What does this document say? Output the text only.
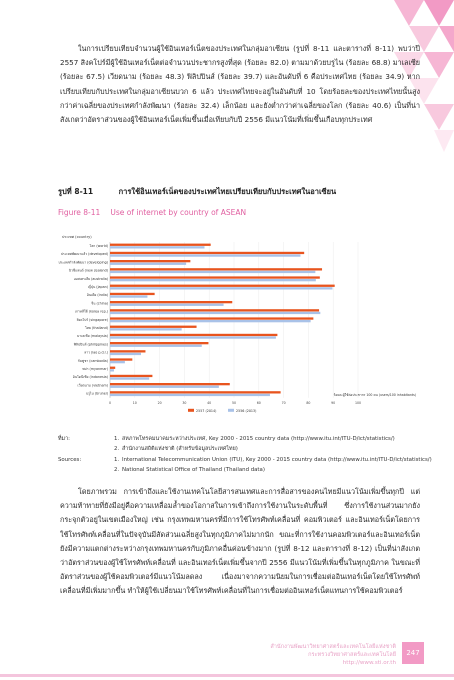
ในการเปรียบเทียบจำนวนผู้ใช้อินเทอร์เน็ตของประเทศในกลุ่มอาเซียน (รูปที่ 8-11 และตารางที่ 8-11) พบว่าปี 2557 สิงคโปร์มีผู้ใช้อินเทอร์เน็ตต่อจำนวนประชากรสูงที่สุด (ร้อยละ 82.0) ตามมาด้วยบรูไน (ร้อยละ 68.8) มาเลเซีย (ร้อยละ 67.5) เวียดนาม (ร้อยละ 48.3) ฟิลิปปินส์ (ร้อยละ 39.7) และอันดับที่ 6 คือประเทศไทย (ร้อยละ 34.9) หากเปรียบเทียบกับประเทศในกลุ่มอาเซียนบวก 6 แล้ว ประเทศไทยจะอยู่ในอันดับที่ 10 โดยร้อยละของประเทศไทยนั้นสูงกว่าค่าเฉลี่ยของประเทศกำลังพัฒนา (ร้อยละ 32.4) เล็กน้อย และยังต่ำกว่าค่าเฉลี่ยของโลก (ร้อยละ 40.6) เป็นที่น่าสังเกตว่าอัตราส่วนของผู้ใช้อินเทอร์เน็ตเพิ่มขึ้นเมื่อเทียบกับปี 2556 มีแนวโน้มที่เพิ่มขึ้นเกือบทุกประเทศ

รูปที่ 8-11	การใช้อินเทอร์เน็ตของประเทศไทยเปรียบเทียบกับประเทศในอาเซียน
Figure 8-11 Use of internet by country of ASEAN
ประเทศ (country)
0	10	20	30	40	50	60	70	80	90	100
โลก (world)
ประเทศพัฒนาแล้ว (developed)
ประเทศกำลังพัฒนา (developing)
นิวซีแลนด์ (new zealand)
ออสเตรเลีย (australia)
ญี่ปุ่น (japan)
อินเดีย (india)
จีน (china)
เกาหลีใต้ (korea rep.)
สิงคโปร์ (singapore)
ไทย (thailand)
มาเลเซีย (malaysia)
ฟิลิปปินส์ (philippines)
ลาว (lao p.d.r.)
กัมพูชา (cambodia)
พม่า (myanmar)
อินโดนีเซีย (indonesia)
เวียดนาม (vietnam)
บรูไน (brunei)	ร้อยละผู้ใช้ต่อประชากร 100 คน (users/100 inhabitants)
2557 (2014)	2556 (2013)
ที่มา:	1. สหภาพโทรคมนาคมระหว่างประเทศ, Key 2000 - 2015 country data (http://www.itu.int/ITU-D/ict/statistics/)
2. สำนักงานสถิติแห่งชาติ (สำหรับข้อมูลประเทศไทย)
Sources:	1. International Telecommunication Union (ITU), Key 2000 - 2015 country data (http://www.itu.int/ITU-D/ict/statistics/)
2. National Statistical Office of Thailand (Thailand data)

โดยภาพรวม การเข้าถึงและใช้งานเทคโนโลยีสารสนเทศและการสื่อสารของคนไทยมีแนวโน้มเพิ่มขึ้นทุกปี แต่ความท้าทายที่ยังมีอยู่คือความเหลื่อมล้ำของโอกาสในการเข้าถึงการใช้งานในระดับพื้นที่ ซึ่งการใช้งานส่วนมากยังกระจุกตัวอยู่ในเขตเมืองใหญ่ เช่น กรุงเทพมหานครที่มีการใช้โทรศัพท์เคลื่อนที่ คอมพิวเตอร์ และอินเทอร์เน็ตโดยการใช้โทรศัพท์เคลื่อนที่ในปัจจุบันมีสัดส่วนเฉลี่ยสูงในทุกภูมิภาคไม่มากนัก ขณะที่การใช้งานคอมพิวเตอร์และอินเทอร์เน็ตยังมีความแตกต่างระหว่างกรุงเทพมหานครกับภูมิภาคอื่นค่อนข้างมาก (รูปที่ 8-12 และตารางที่ 8-12) เป็นที่น่าสังเกตว่าอัตราส่วนของผู้ใช้โทรศัพท์เคลื่อนที่ และอินเทอร์เน็ตเพิ่มขึ้นจากปี 2556 มีแนวโน้มที่เพิ่มขึ้นในทุกภูมิภาค ในขณะที่อัตราส่วนของผู้ใช้คอมพิวเตอร์มีแนวโน้มลดลง เนื่องมาจากความนิยมในการเชื่อมต่ออินเทอร์เน็ตโดยใช้โทรศัพท์เคลื่อนที่มีเพิ่มมากขึ้น ทำให้ผู้ใช้เปลี่ยนมาใช้โทรศัพท์เคลื่อนที่ในการเชื่อมต่ออินเทอร์เน็ตแทนการใช้คอมพิวเตอร์

สำนักงานพัฒนาวิทยาศาสตร์และเทคโนโลยีแห่งชาติ
กระทรวงวิทยาศาสตร์และเทคโนโลยี
http://www.sti.or.th
247
